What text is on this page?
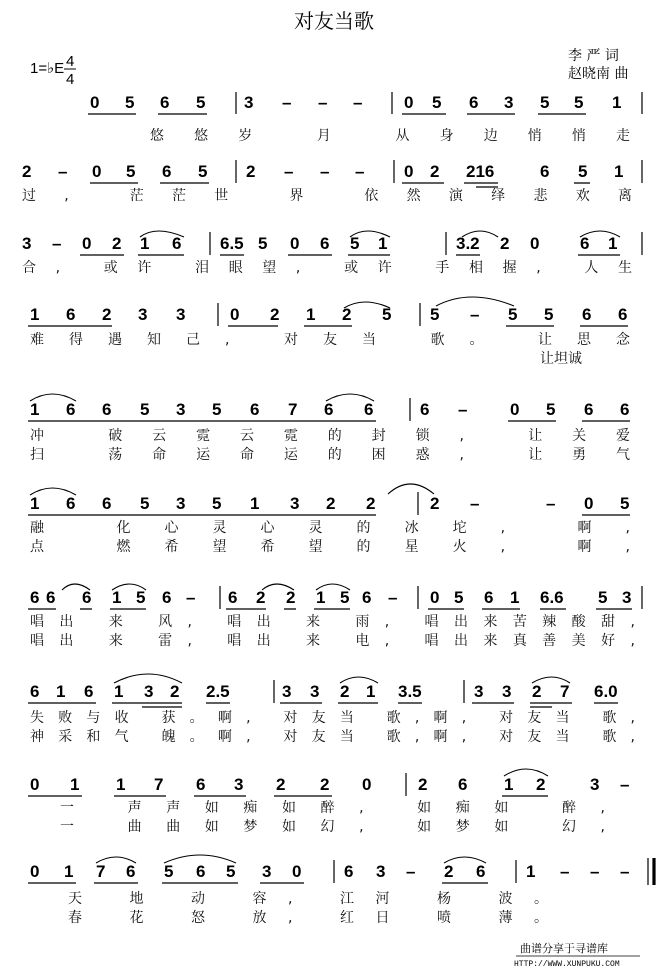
对友当歌
1=♭E 4
4
李 严 词
赵晓南 曲
0 5 6 5 3 – – – 0 5 6 3 5 5 1
悠悠岁 月 从身边悄悄走
2 – 0 5 6 5 2 – – – 0 2 216	6 5 1
过, 茫茫世 界 依然演绎悲欢离
3 – 0 2 1 6 6.5 5 0 6 5 1	3.2 2 0 6 1
合, 或许 泪眼望, 或许 手相握, 人生
1 6 2 3 3	0 2 1 2 5 5 – 5 5 6 6
难得遇知己, 对友当 歌。 让思念
让坦诚
1 6 6 5 3 5 6 7 6 6	6 –	0 5 6 6
冲 破云霓云霓的封锁, 让关爱
扫 荡命运命运的困惑, 让勇气
1 6 6 5 3 5 1 3 2 2	2 –	– 0 5
融 化心灵心灵的冰坨, 啊,
点 燃希望希望的星火, 啊,
6 6 6 1 5 6 – 6 2 2 1 5 6 – 0 5 6 1 6.6 5 3
唱出 来 风, 唱出 来 雨, 唱出来苦辣酸甜,
唱出 来 雷, 唱出 来 电, 唱出来真善美好,
6 1 6 1 3 2 2.5	3 3 2 1 3.5	3 3 2 7 6.0
失败与收 获。啊, 对友当 歌,啊, 对友当 歌,
神采和气 魄。啊, 对友当 歌,啊, 对友当 歌,
0 1 1 7 6 3 2 2 0	2 6 1 2	3 –
一 声声如痴如醉, 如痴如 醉,
一 曲曲如梦如幻, 如梦如 幻,
0 1 7 6 5 6 5 3 0	6 3 – 2 6 1 – – –
天 地 动 容, 江河 杨 波。
春 花 怒 放, 红日 喷 薄。
曲谱分享于寻谱库
HTTP://WWW.XUNPUKU.COM
